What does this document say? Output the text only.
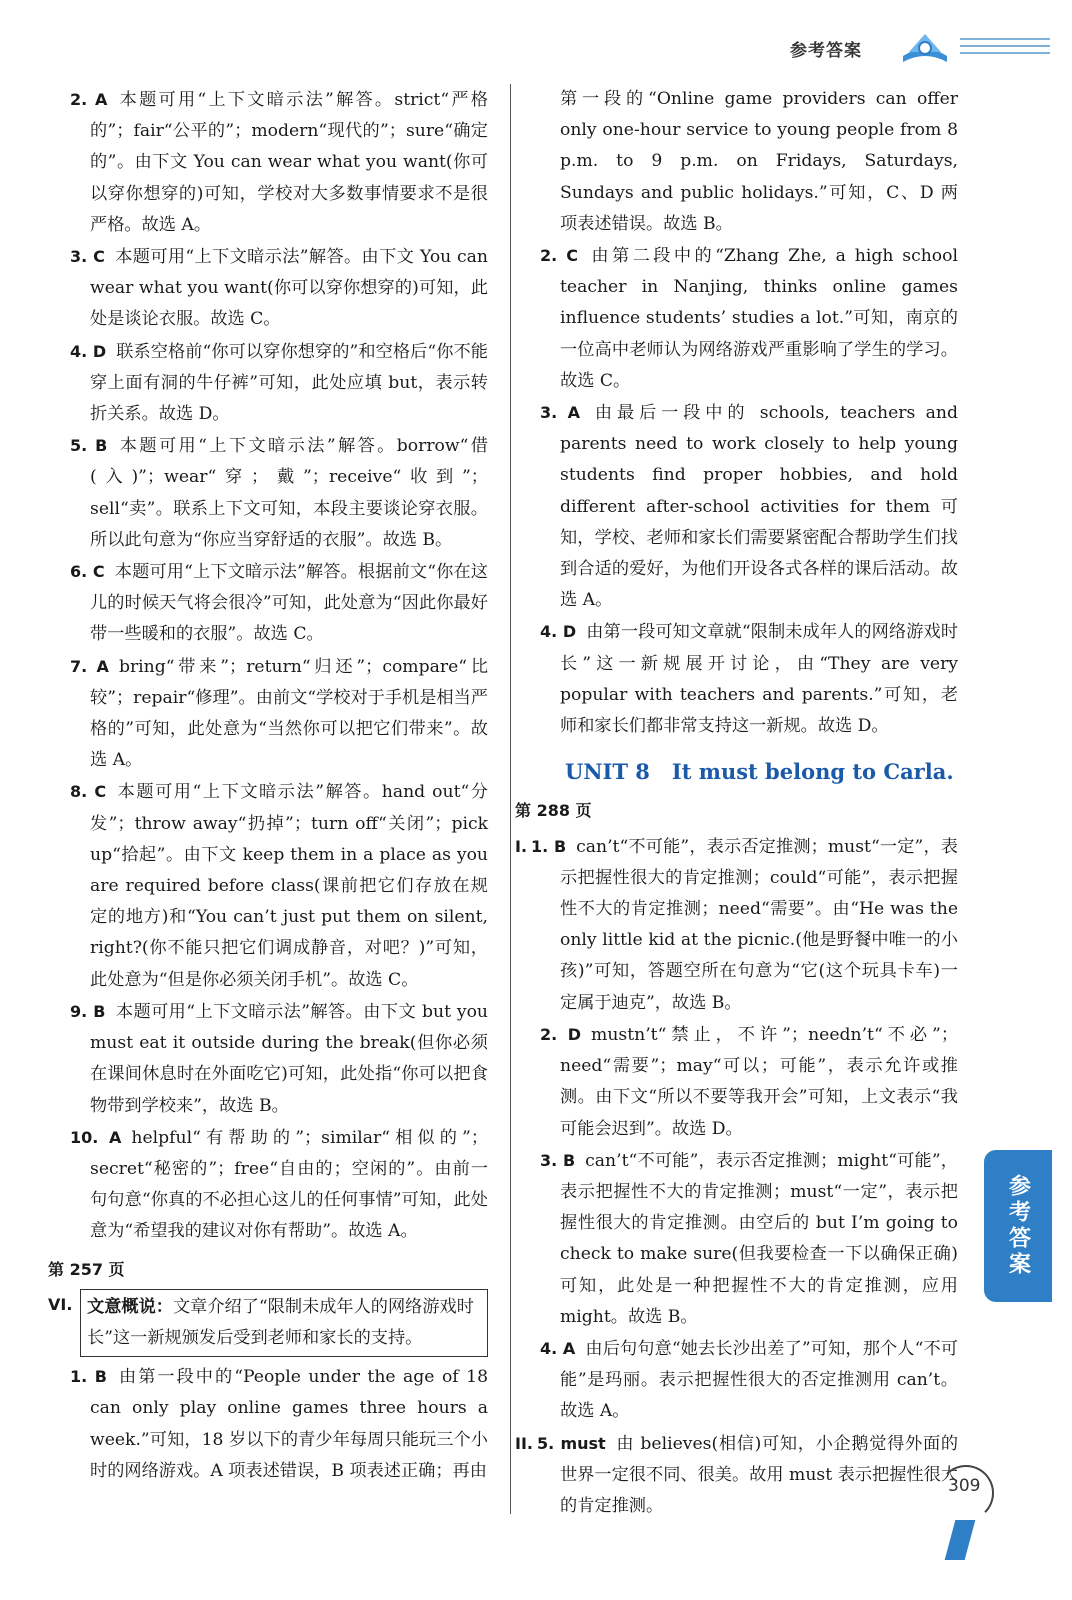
参考答案
2. A 本题可用“上下文暗示法”解答。strict“严格的”；fair“公平的”；modern“现代的”；sure“确定的”。由下文 You can wear what you want(你可以穿你想穿的)可知，学校对大多数事情要求不是很严格。故选 A。
3. C 本题可用“上下文暗示法”解答。由下文 You can wear what you want(你可以穿你想穿的)可知，此处是谈论衣服。故选 C。
4. D 联系空格前“你可以穿你想穿的”和空格后“你不能穿上面有洞的牛仔裤”可知，此处应填 but，表示转折关系。故选 D。
5. B 本题可用“上下文暗示法”解答。borrow“借(入)”；wear“穿；戴”；receive“收到”；sell“卖”。联系上下文可知，本段主要谈论穿衣服。所以此句意为“你应当穿舒适的衣服”。故选 B。
6. C 本题可用“上下文暗示法”解答。根据前文“你在这儿的时候天气将会很冷”可知，此处意为“因此你最好带一些暖和的衣服”。故选 C。
7. A bring“带来”；return“归还”；compare“比较”；repair“修理”。由前文“学校对于手机是相当严格的”可知，此处意为“当然你可以把它们带来”。故选 A。
8. C 本题可用“上下文暗示法”解答。hand out“分发”；throw away“扔掉”；turn off“关闭”；pick up“拾起”。由下文 keep them in a place as you are required before class(课前把它们存放在规定的地方)和“You can’t just put them on silent, right?(你不能只把它们调成静音，对吧？)”可知，此处意为“但是你必须关闭手机”。故选 C。
9. B 本题可用“上下文暗示法”解答。由下文 but you must eat it outside during the break(但你必须在课间休息时在外面吃它)可知，此处指“你可以把食物带到学校来”，故选 B。
10. A helpful“有帮助的”；similar“相似的”；secret“秘密的”；free“自由的；空闲的”。由前一句句意“你真的不必担心这儿的任何事情”可知，此处意为“希望我的建议对你有帮助”。故选 A。
第 257 页
VI. 文意概说：文章介绍了“限制未成年人的网络游戏时长”这一新规颁发后受到老师和家长的支持。
1. B 由第一段中的“People under the age of 18 can only play online games three hours a week.”可知，18 岁以下的青少年每周只能玩三个小时的网络游戏。A 项表述错误，B 项表述正确；再由
第一段的“Online game providers can offer only one-hour service to young people from 8 p.m. to 9 p.m. on Fridays, Saturdays, Sundays and public holidays.”可知，C、D 两项表述错误。故选 B。
2. C 由第二段中的“Zhang Zhe, a high school teacher in Nanjing, thinks online games influence students’ studies a lot.”可知，南京的一位高中老师认为网络游戏严重影响了学生的学习。故选 C。
3. A 由最后一段中的 schools, teachers and parents need to work closely to help young students find proper hobbies, and hold different after-school activities for them 可知，学校、老师和家长们需要紧密配合帮助学生们找到合适的爱好，为他们开设各式各样的课后活动。故选 A。
4. D 由第一段可知文章就“限制未成年人的网络游戏时长”这一新规展开讨论，由“They are very popular with teachers and parents.”可知，老师和家长们都非常支持这一新规。故选 D。
UNIT 8 It must belong to Carla.
第 288 页
I. 1. B can’t“不可能”，表示否定推测；must“一定”，表示把握性很大的肯定推测；could“可能”，表示把握性不大的肯定推测；need“需要”。由“He was the only little kid at the picnic.(他是野餐中唯一的小孩)”可知，答题空所在句意为“它(这个玩具卡车)一定属于迪克”，故选 B。
2. D mustn’t“禁止，不许”；needn’t“不必”；need“需要”；may“可以；可能”，表示允许或推测。由下文“所以不要等我开会”可知，上文表示“我可能会迟到”。故选 D。
3. B can’t“不可能”，表示否定推测；might“可能”，表示把握性不大的肯定推测；must“一定”，表示把握性很大的肯定推测。由空后的 but I’m going to check to make sure(但我要检查一下以确保正确)可知，此处是一种把握性不大的肯定推测，应用 might。故选 B。
4. A 由后句句意“她去长沙出差了”可知，那个人“不可能”是玛丽。表示把握性很大的否定推测用 can’t。故选 A。
II. 5. must 由 believes(相信)可知，小企鹅觉得外面的世界一定很不同、很美。故用 must 表示把握性很大的肯定推测。
参考答案
309
